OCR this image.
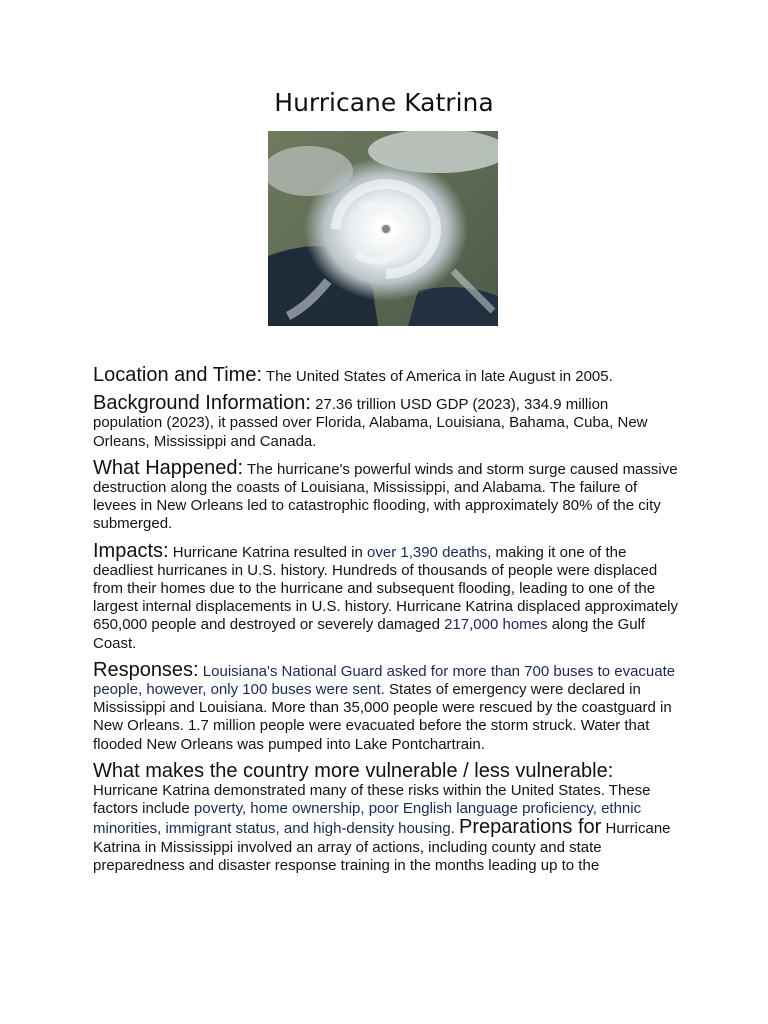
Hurricane Katrina

Location and Time: The United States of America in late August in 2005.

Background Information: 27.36 trillion USD GDP (2023), 334.9 million population (2023), it passed over Florida, Alabama, Louisiana, Bahama, Cuba, New Orleans, Mississippi and Canada.

What Happened: The hurricane's powerful winds and storm surge caused massive destruction along the coasts of Louisiana, Mississippi, and Alabama. The failure of levees in New Orleans led to catastrophic flooding, with approximately 80% of the city submerged.

Impacts: Hurricane Katrina resulted in over 1,390 deaths, making it one of the deadliest hurricanes in U.S. history. Hundreds of thousands of people were displaced from their homes due to the hurricane and subsequent flooding, leading to one of the largest internal displacements in U.S. history. Hurricane Katrina displaced approximately 650,000 people and destroyed or severely damaged 217,000 homes along the Gulf Coast.

Responses: Louisiana's National Guard asked for more than 700 buses to evacuate people, however, only 100 buses were sent. States of emergency were declared in Mississippi and Louisiana. More than 35,000 people were rescued by the coastguard in New Orleans. 1.7 million people were evacuated before the storm struck. Water that flooded New Orleans was pumped into Lake Pontchartrain.

What makes the country more vulnerable / less vulnerable: Hurricane Katrina demonstrated many of these risks within the United States. These factors include poverty, home ownership, poor English language proficiency, ethnic minorities, immigrant status, and high-density housing. Preparations for Hurricane Katrina in Mississippi involved an array of actions, including county and state preparedness and disaster response training in the months leading up to the
